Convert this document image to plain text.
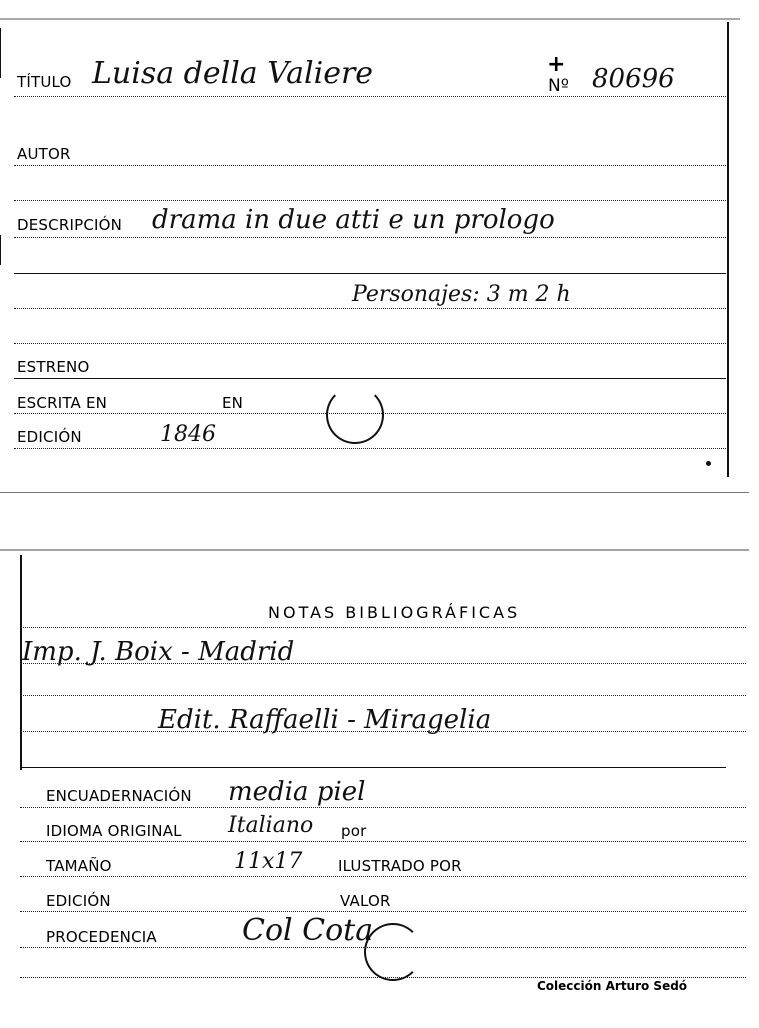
TÍTULO Luisa della Valiere	+
Nº 80696
AUTOR
DESCRIPCIÓN drama in due atti e un prologo
Personajes: 3 m 2 h
ESTRENO
ESCRITA EN	EN
EDICIÓN	1846
NOTAS BIBLIOGRÁFICAS
Imp. J. Boix - Madrid
Edit. Raffaelli - Miragelia
ENCUADERNACIÓN media piel
IDIOMA ORIGINAL Italiano por
TAMAÑO	11x17 ILUSTRADO POR
EDICIÓN	VALOR
PROCEDENCIA	Col Cota
Colección Arturo Sedó
